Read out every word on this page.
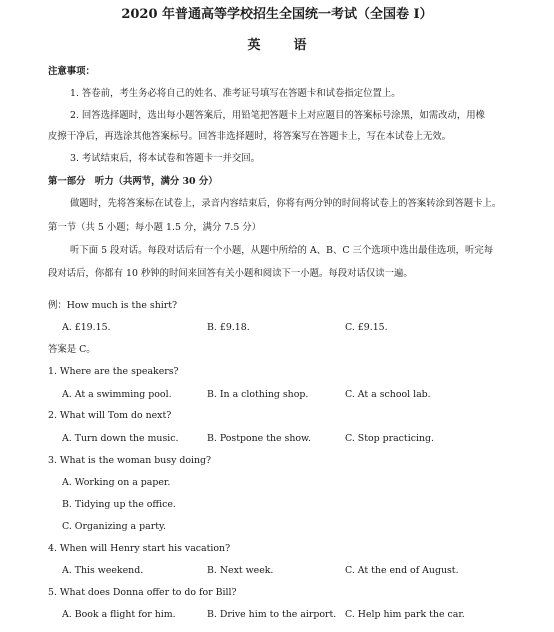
2020 年普通高等学校招生全国统一考试（全国卷 I）
英　语
注意事项：
1. 答卷前，考生务必将自己的姓名、准考证号填写在答题卡和试卷指定位置上。
2. 回答选择题时，选出每小题答案后，用铅笔把答题卡上对应题目的答案标号涂黑，如需改动，用橡
皮擦干净后，再选涂其他答案标号。回答非选择题时，将答案写在答题卡上，写在本试卷上无效。
3. 考试结束后，将本试卷和答题卡一并交回。
第一部分　听力（共两节，满分 30 分）
做题时，先将答案标在试卷上，录音内容结束后，你将有两分钟的时间将试卷上的答案转涂到答题卡上。
第一节（共 5 小题；每小题 1.5 分，满分 7.5 分）
听下面 5 段对话。每段对话后有一个小题，从题中所给的 A、B、C 三个选项中选出最佳选项，听完每
段对话后，你都有 10 秒钟的时间来回答有关小题和阅读下一小题。每段对话仅读一遍。
例：How much is the shirt?
A. £19.15.	B. £9.18.	C. £9.15.
答案是 C。
1. Where are the speakers?
A. At a swimming pool.	B. In a clothing shop.	C. At a school lab.
2. What will Tom do next?
A. Turn down the music.	B. Postpone the show.	C. Stop practicing.
3. What is the woman busy doing?
A. Working on a paper.
B. Tidying up the office.
C. Organizing a party.
4. When will Henry start his vacation?
A. This weekend.	B. Next week.	C. At the end of August.
5. What does Donna offer to do for Bill?
A. Book a flight for him.	B. Drive him to the airport. C. Help him park the car.
